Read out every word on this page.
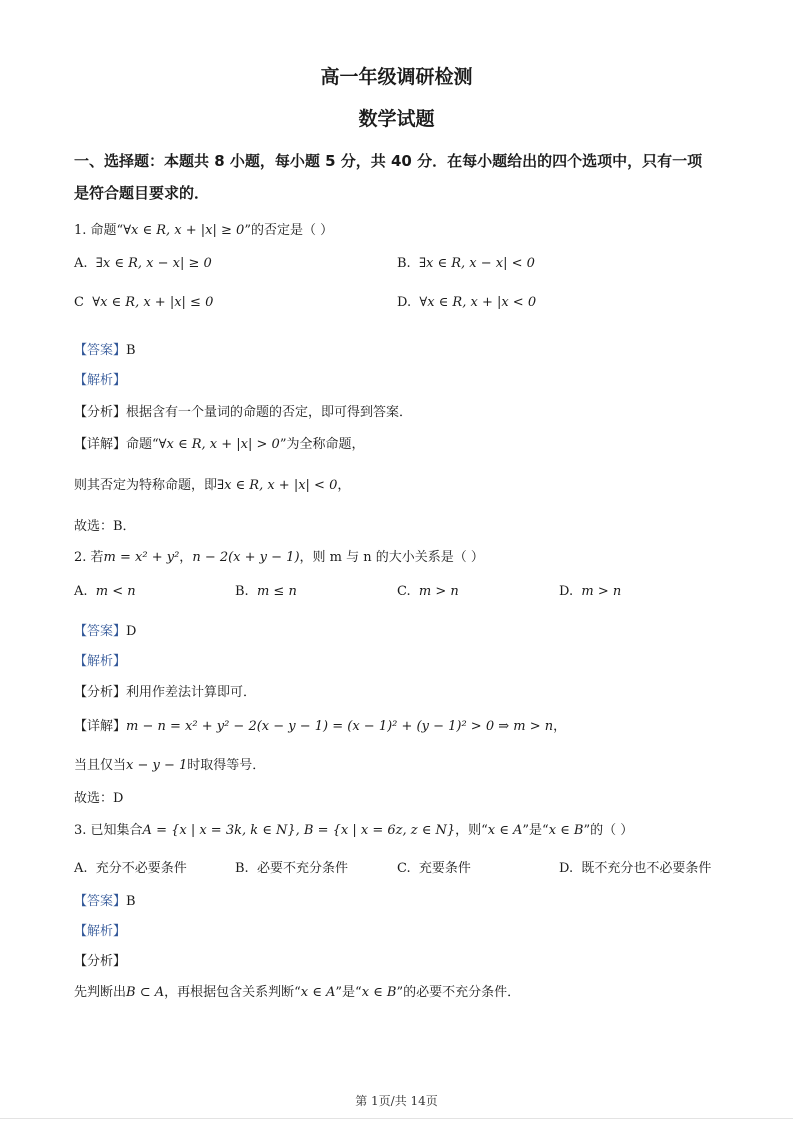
高一年级调研检测
数学试题
一、选择题：本题共 8 小题，每小题 5 分，共 40 分．在每小题给出的四个选项中，只有一项
是符合题目要求的．
1. 命题“∀x ∈ R, x + |x| ≥ 0”的否定是（ ）
A. ∃x ∈ R, x − x| ≥ 0	B. ∃x ∈ R, x − x| < 0
C ∀x ∈ R, x + |x| ≤ 0	D. ∀x ∈ R, x + |x < 0
【答案】B
【解析】
【分析】根据含有一个量词的命题的否定，即可得到答案．
【详解】命题“∀x ∈ R, x + |x| > 0”为全称命题，
则其否定为特称命题，即∃x ∈ R, x + |x| < 0，
故选：B．
2. 若m = x² + y²，n − 2(x + y − 1)，则 m 与 n 的大小关系是（ ）
A. m < n	B. m ≤ n	C. m > n	D. m > n
【答案】D
【解析】
【分析】利用作差法计算即可．
【详解】m − n = x² + y² − 2(x − y − 1) = (x − 1)² + (y − 1)² > 0 ⇒ m > n，
当且仅当x − y − 1时取得等号．
故选：D
3. 已知集合A = {x | x = 3k, k ∈ N}, B = {x | x = 6z, z ∈ N}，则“x ∈ A”是“x ∈ B”的（ ）
A. 充分不必要条件	B. 必要不充分条件	C. 充要条件	D. 既不充分也不必要条件
【答案】B
【解析】
【分析】
先判断出B ⊂ A，再根据包含关系判断“x ∈ A”是“x ∈ B”的必要不充分条件．
第 1页/共 14页
